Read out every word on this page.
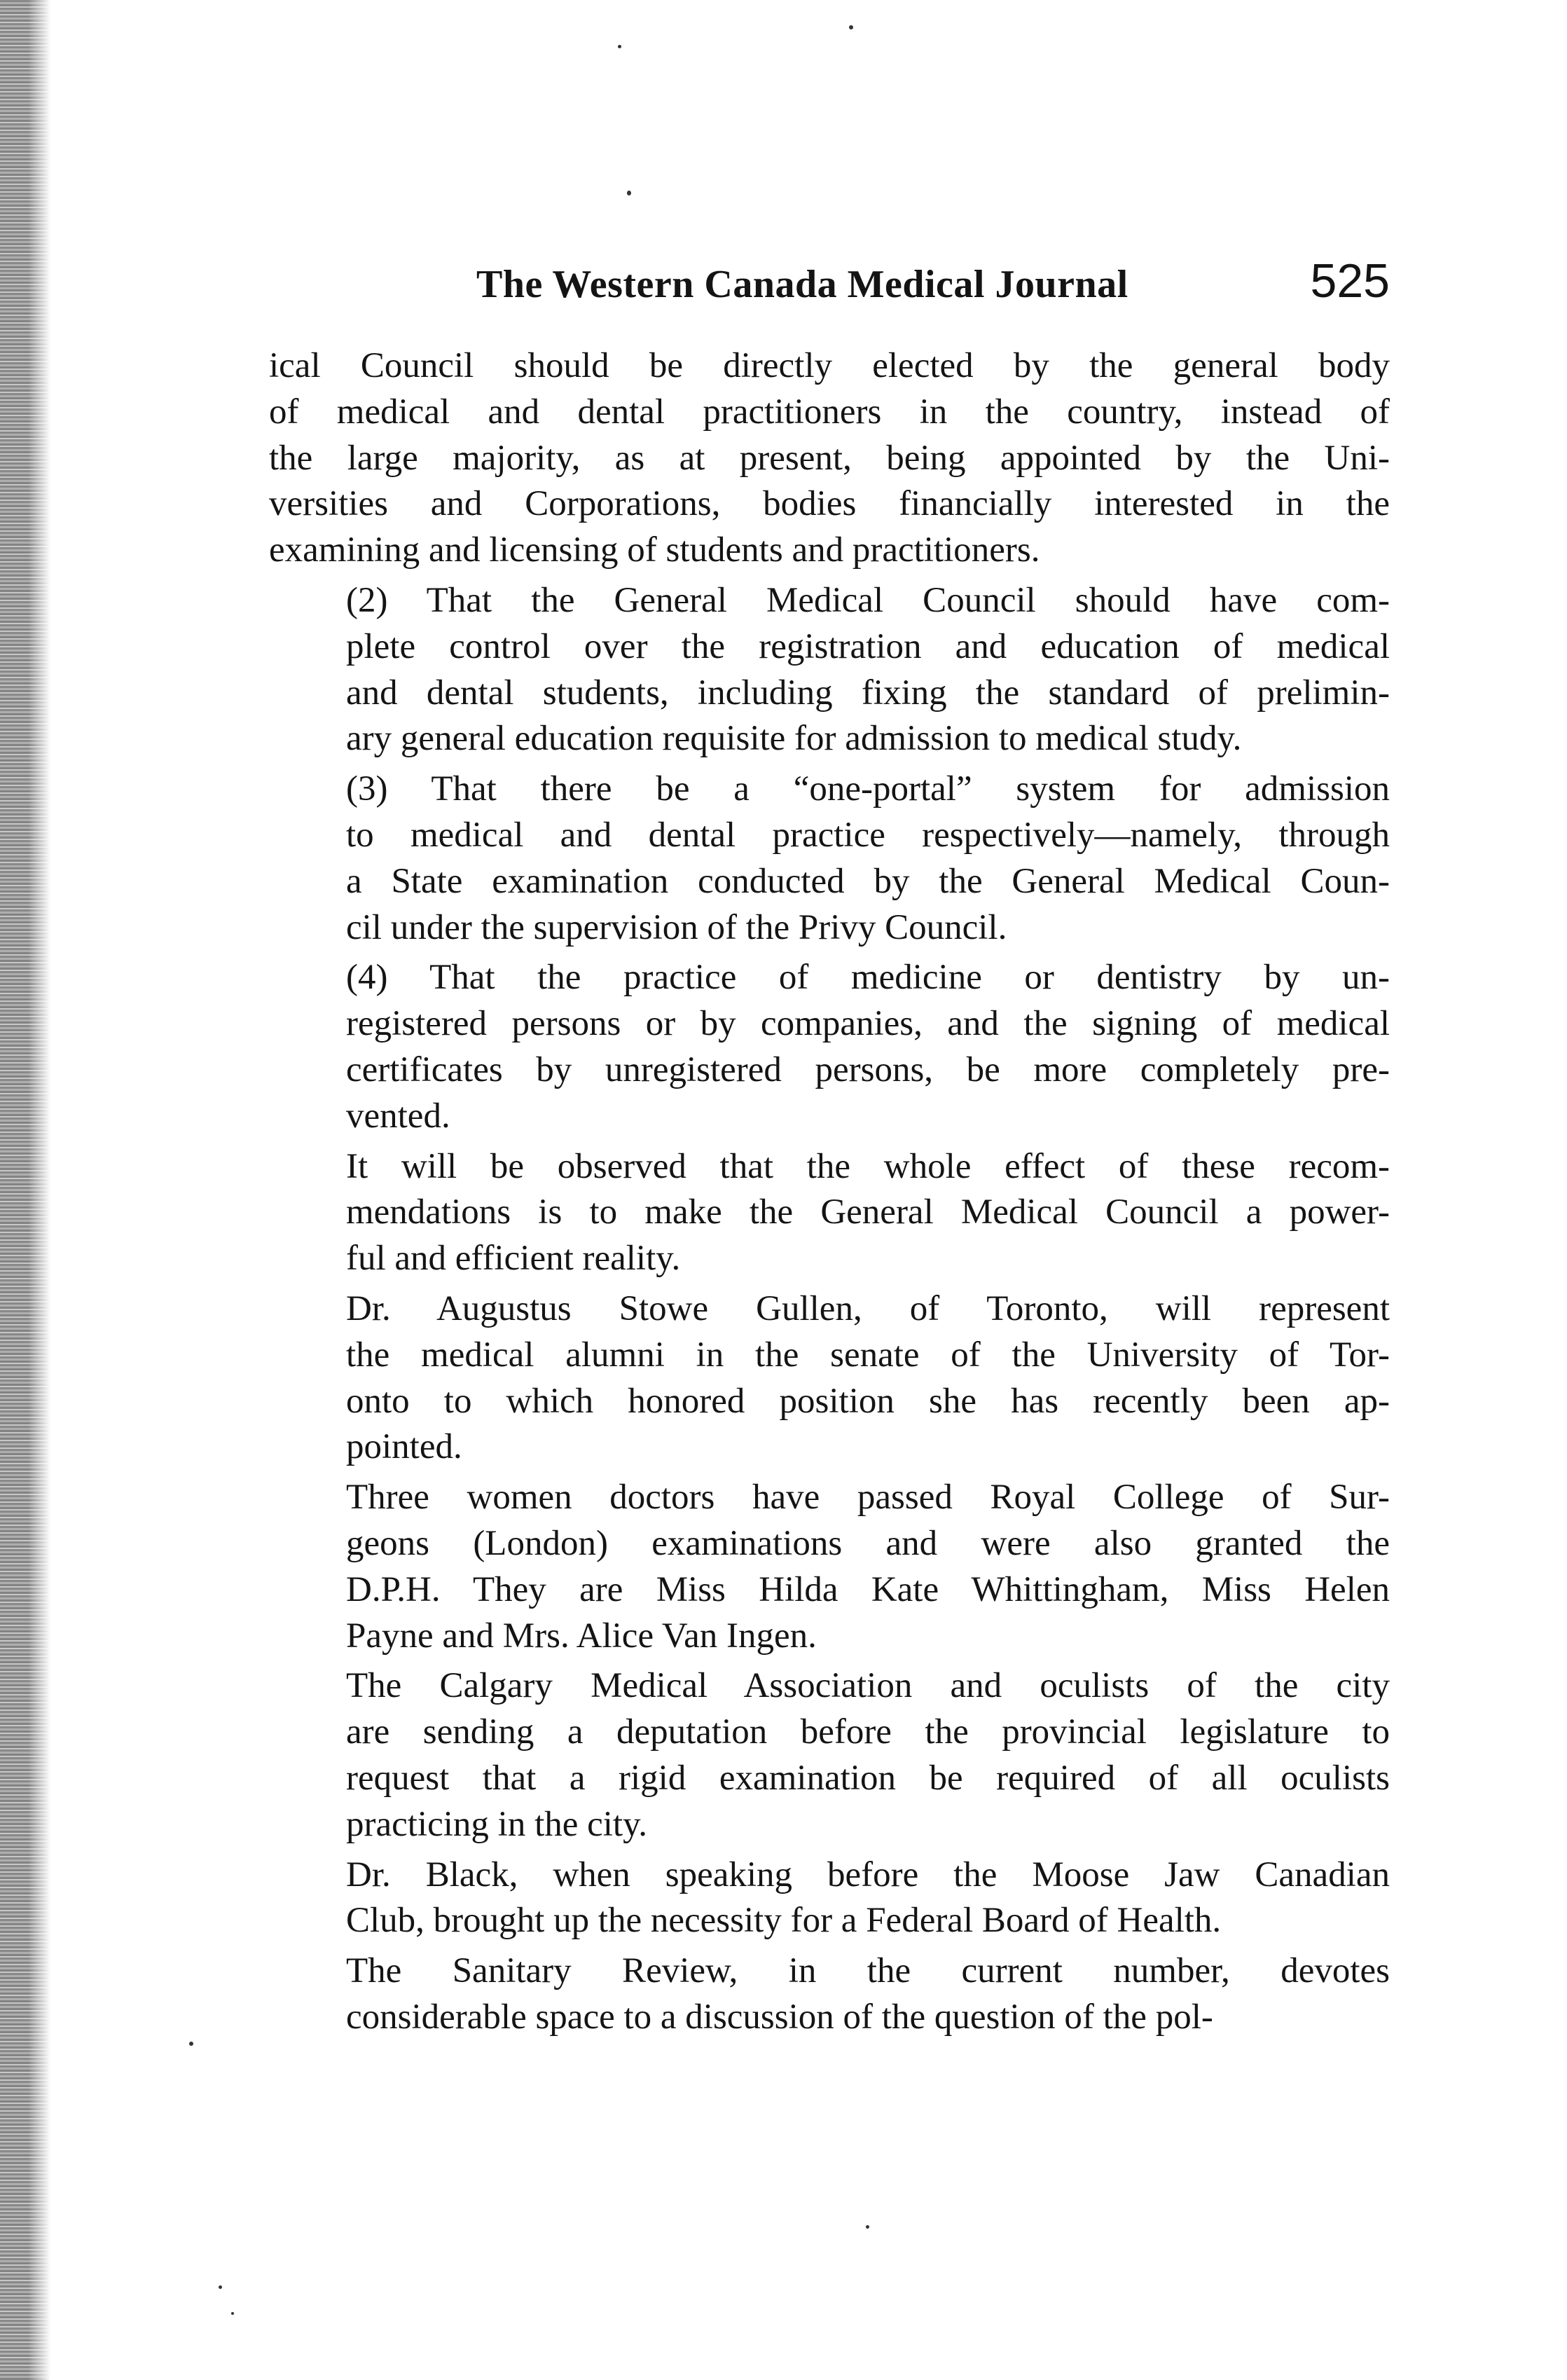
The Western Canada Medical Journal	525

ical Council should be directly elected by the general body
of medical and dental practitioners in the country, instead of
the large majority, as at present, being appointed by the Uni-
versities and Corporations, bodies financially interested in the
examining and licensing of students and practitioners.

(2) That the General Medical Council should have com-
plete control over the registration and education of medical
and dental students, including fixing the standard of prelimin-
ary general education requisite for admission to medical study.

(3) That there be a “one-portal” system for admission
to medical and dental practice respectively—namely, through
a State examination conducted by the General Medical Coun-
cil under the supervision of the Privy Council.

(4) That the practice of medicine or dentistry by un-
registered persons or by companies, and the signing of medical
certificates by unregistered persons, be more completely pre-
vented.

It will be observed that the whole effect of these recom-
mendations is to make the General Medical Council a power-
ful and efficient reality.

Dr. Augustus Stowe Gullen, of Toronto, will represent
the medical alumni in the senate of the University of Tor-
onto to which honored position she has recently been ap-
pointed.

Three women doctors have passed Royal College of Sur-
geons (London) examinations and were also granted the
D.P.H. They are Miss Hilda Kate Whittingham, Miss Helen
Payne and Mrs. Alice Van Ingen.

The Calgary Medical Association and oculists of the city
are sending a deputation before the provincial legislature to
request that a rigid examination be required of all oculists
practicing in the city.

Dr. Black, when speaking before the Moose Jaw Canadian
Club, brought up the necessity for a Federal Board of Health.

The Sanitary Review, in the current number, devotes
considerable space to a discussion of the question of the pol-
